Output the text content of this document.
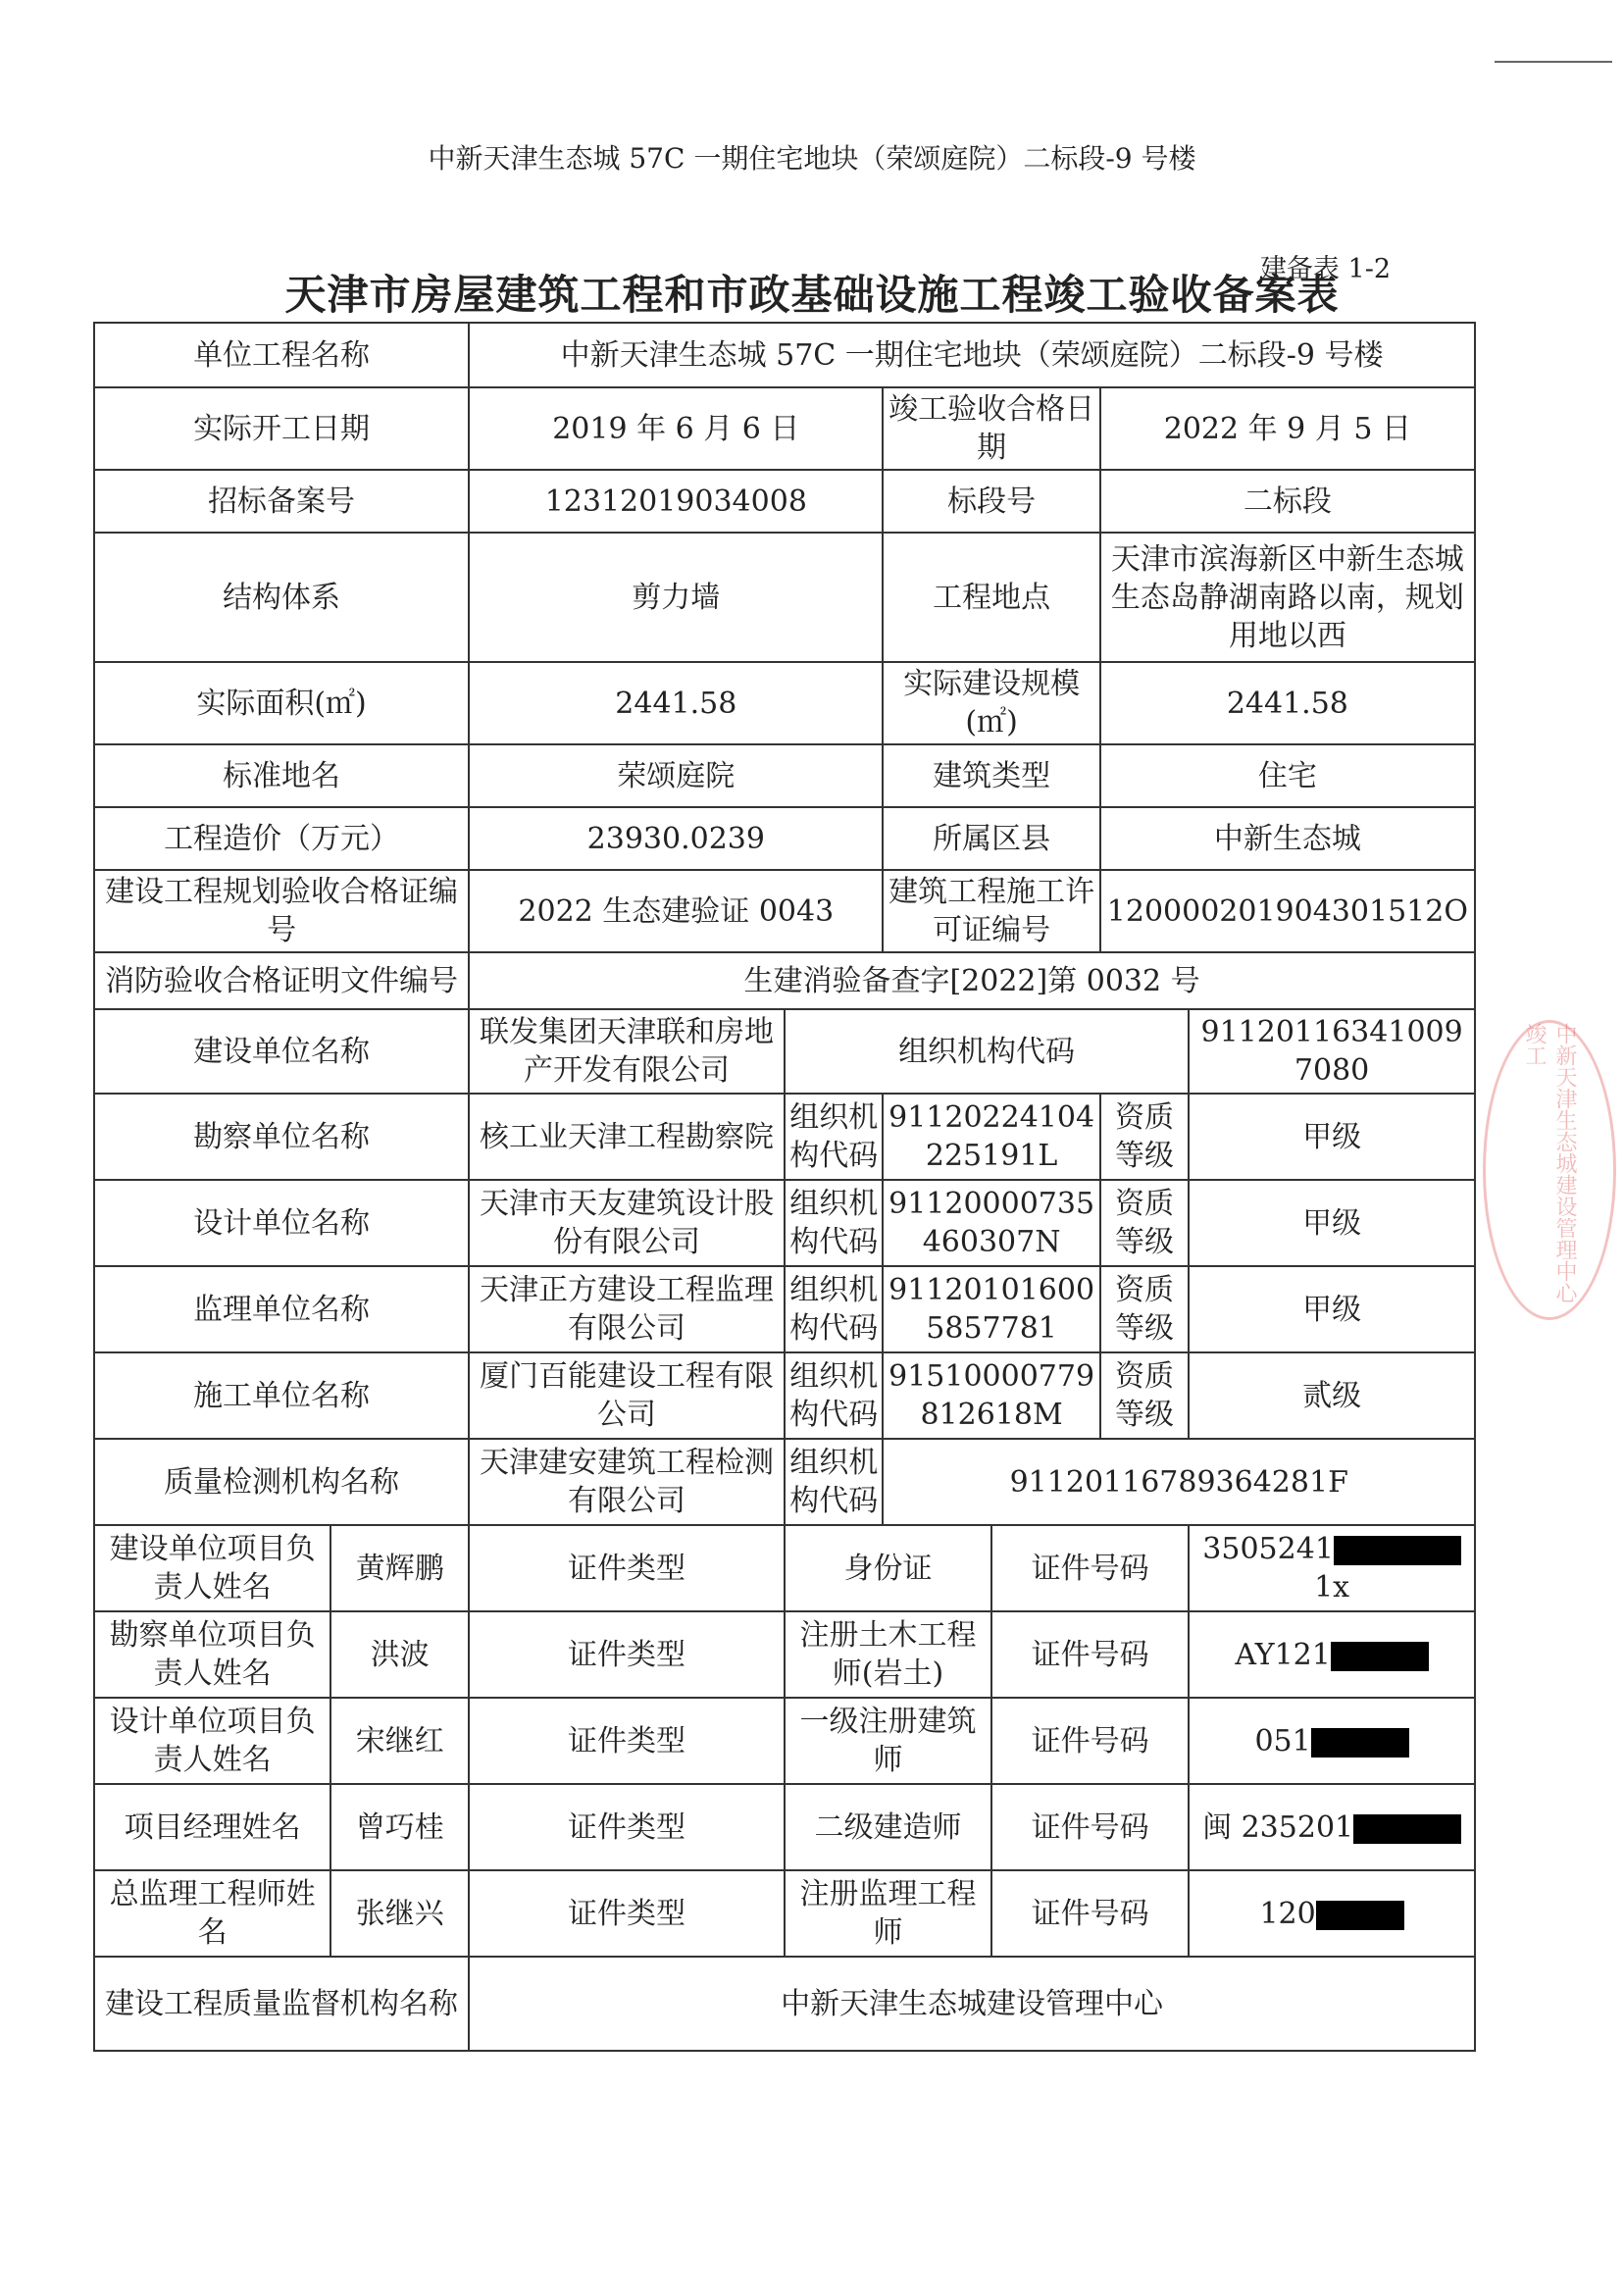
中新天津生态城 57C 一期住宅地块（荣颂庭院）二标段-9 号楼
建备表 1-2
天津市房屋建筑工程和市政基础设施工程竣工验收备案表
单位工程名称		中新天津生态城 57C 一期住宅地块（荣颂庭院）二标段-9 号楼					
实际开工日期		2019 年 6 月 6 日		竣工验收合格日期		2022 年 9 月 5 日	
招标备案号		12312019034008		标段号		二标段	
结构体系		剪力墙		工程地点		天津市滨海新区中新生态城生态岛静湖南路以南，规划用地以西	
实际面积(㎡)		2441.58		实际建设规模(㎡)		2441.58	
标准地名		荣颂庭院		建筑类型		住宅	
工程造价（万元）		23930.0239		所属区县		中新生态城	
建设工程规划验收合格证编号		2022 生态建验证 0043		建筑工程施工许可证编号		120000201904301512O	
消防验收合格证明文件编号		生建消验备查字[2022]第 0032 号					
建设单位名称		联发集团天津联和房地产开发有限公司	组织机构代码				911201163410097080
勘察单位名称		核工业天津工程勘察院	组织机构代码	91120224104225191L		资质等级	甲级
设计单位名称		天津市天友建筑设计股份有限公司	组织机构代码	91120000735460307N		资质等级	甲级
监理单位名称		天津正方建设工程监理有限公司	组织机构代码	911201016005857781		资质等级	甲级
施工单位名称		厦门百能建设工程有限公司	组织机构代码	91510000779812618M		资质等级	贰级
质量检测机构名称		天津建安建筑工程检测有限公司	组织机构代码	91120116789364281F			
建设单位项目负责人姓名	黄辉鹏	证件类型	身份证		证件号码		3505241
1x
勘察单位项目负责人姓名	洪波	证件类型	注册土木工程师(岩土)		证件号码		AY121
设计单位项目负责人姓名	宋继红	证件类型	一级注册建筑师		证件号码		051
项目经理姓名	曾巧桂	证件类型	二级建造师		证件号码		闽 235201
总监理工程师姓名	张继兴	证件类型	注册监理工程师		证件号码		120
建设工程质量监督机构名称		中新天津生态城建设管理中心					
中新天津生态城建设管理中心竣工
